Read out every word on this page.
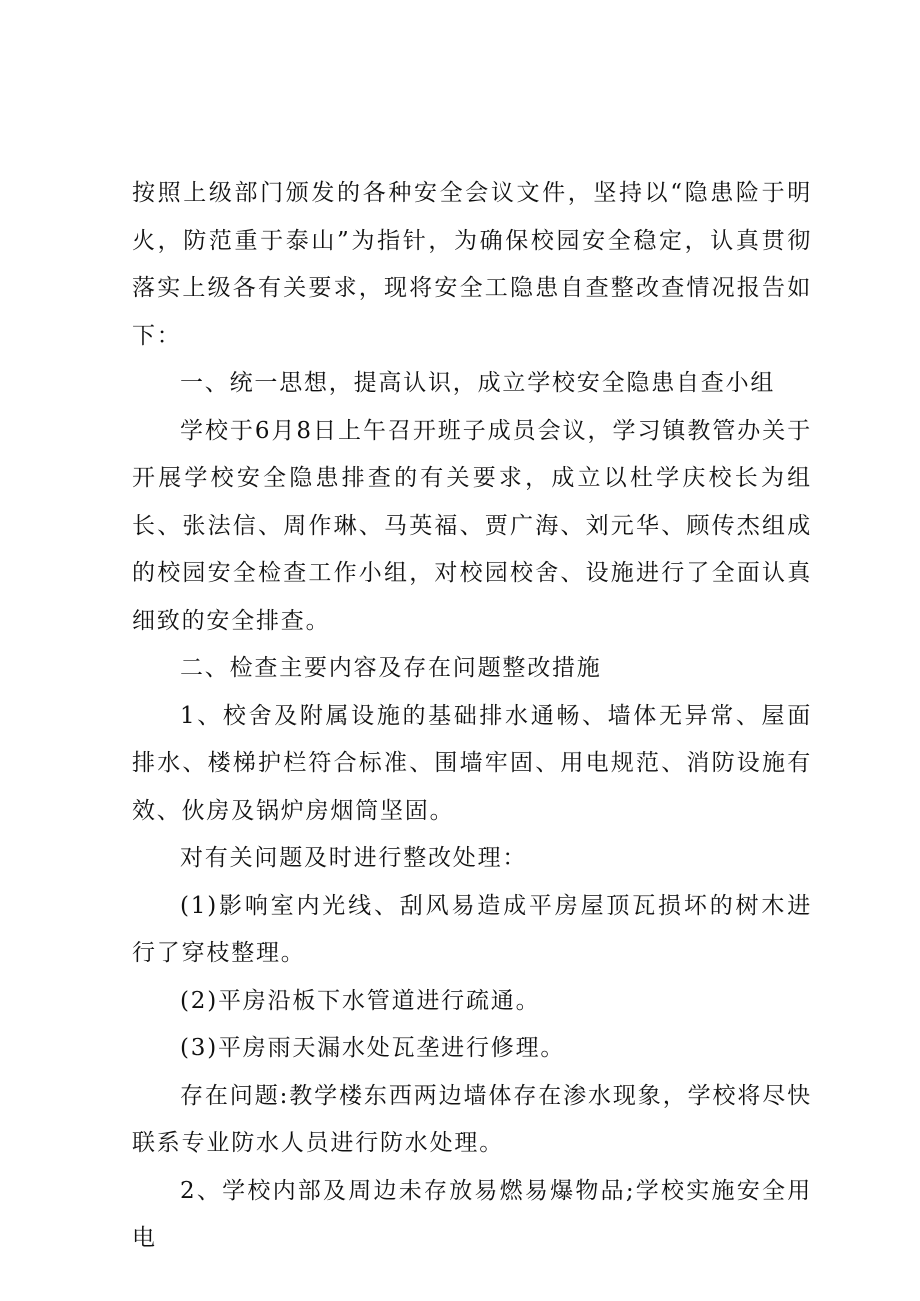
按照上级部门颁发的各种安全会议文件，坚持以“隐患险于明火，防范重于泰山”为指针，为确保校园安全稳定，认真贯彻落实上级各有关要求，现将安全工隐患自查整改查情况报告如下：

一、统一思想，提高认识，成立学校安全隐患自查小组

学校于6月8日上午召开班子成员会议，学习镇教管办关于开展学校安全隐患排查的有关要求，成立以杜学庆校长为组长、张法信、周作琳、马英福、贾广海、刘元华、顾传杰组成的校园安全检查工作小组，对校园校舍、设施进行了全面认真细致的安全排查。

二、检查主要内容及存在问题整改措施

1、校舍及附属设施的基础排水通畅、墙体无异常、屋面排水、楼梯护栏符合标准、围墙牢固、用电规范、消防设施有效、伙房及锅炉房烟筒坚固。

对有关问题及时进行整改处理：

(1)影响室内光线、刮风易造成平房屋顶瓦损坏的树木进行了穿枝整理。

(2)平房沿板下水管道进行疏通。

(3)平房雨天漏水处瓦垄进行修理。

存在问题:教学楼东西两边墙体存在渗水现象，学校将尽快联系专业防水人员进行防水处理。

2、学校内部及周边未存放易燃易爆物品;学校实施安全用电
